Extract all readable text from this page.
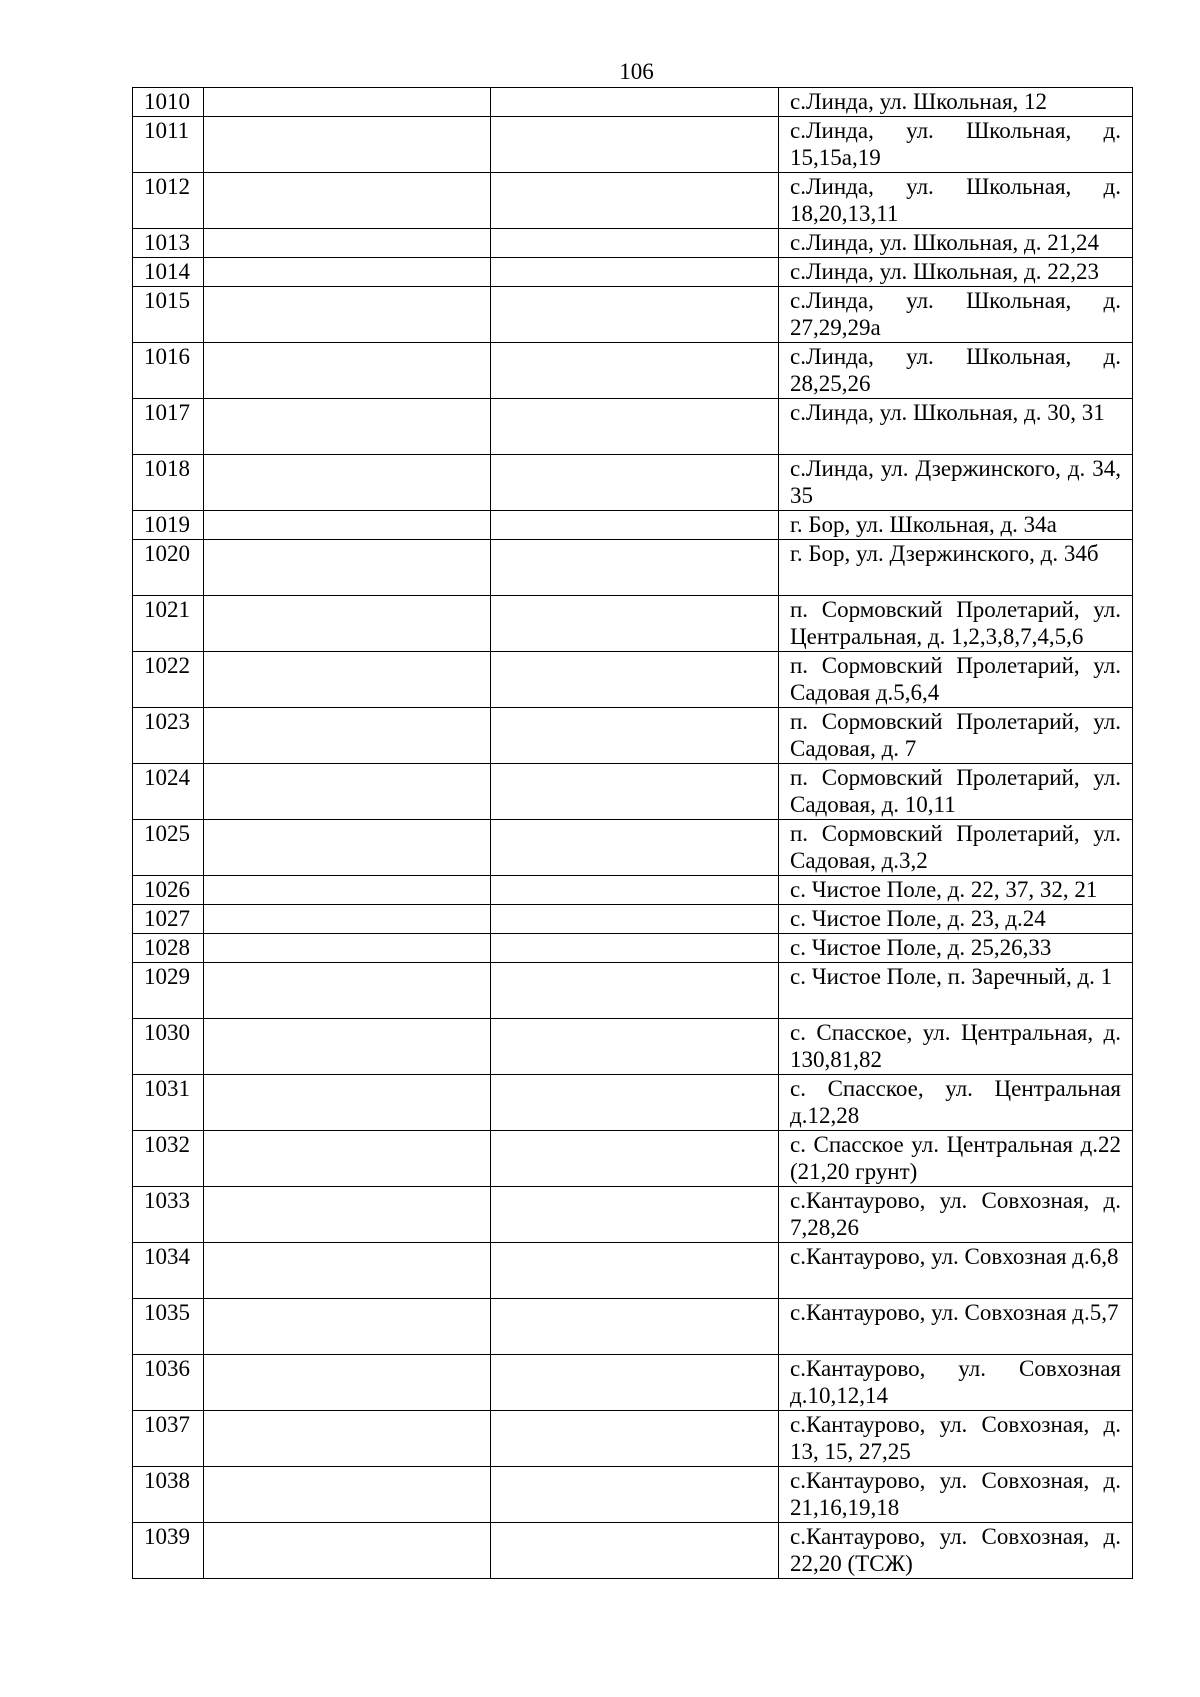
106
1010			с.Линда, ул. Школьная, 12
1011			с.Линда, ул. Школьная, д. 15,15а,19
1012			с.Линда, ул. Школьная, д. 18,20,13,11
1013			с.Линда, ул. Школьная, д. 21,24
1014			с.Линда, ул. Школьная, д. 22,23
1015			с.Линда, ул. Школьная, д. 27,29,29а
1016			с.Линда, ул. Школьная, д. 28,25,26
1017			с.Линда, ул. Школьная, д. 30, 31
1018			с.Линда, ул. Дзержинского, д. 34, 35
1019			г. Бор, ул. Школьная, д. 34а
1020			г. Бор, ул. Дзержинского, д. 34б
1021			п. Сормовский Пролетарий, ул. Центральная, д. 1,2,3,8,7,4,5,6
1022			п. Сормовский Пролетарий, ул. Садовая д.5,6,4
1023			п. Сормовский Пролетарий, ул. Садовая, д. 7
1024			п. Сормовский Пролетарий, ул. Садовая, д. 10,11
1025			п. Сормовский Пролетарий, ул. Садовая, д.3,2
1026			с. Чистое Поле, д. 22, 37, 32, 21
1027			с. Чистое Поле, д. 23, д.24
1028			с. Чистое Поле, д. 25,26,33
1029			с. Чистое Поле, п. Заречный, д. 1
1030			с. Спасское, ул. Центральная, д. 130,81,82
1031			с. Спасское, ул. Центральная д.12,28
1032			с. Спасское ул. Центральная д.22 (21,20 грунт)
1033			с.Кантаурово, ул. Совхозная, д. 7,28,26
1034			с.Кантаурово, ул. Совхозная д.6,8
1035			с.Кантаурово, ул. Совхозная д.5,7
1036			с.Кантаурово, ул. Совхозная д.10,12,14
1037			с.Кантаурово, ул. Совхозная, д. 13, 15, 27,25
1038			с.Кантаурово, ул. Совхозная, д. 21,16,19,18
1039			с.Кантаурово, ул. Совхозная, д. 22,20 (ТСЖ)
